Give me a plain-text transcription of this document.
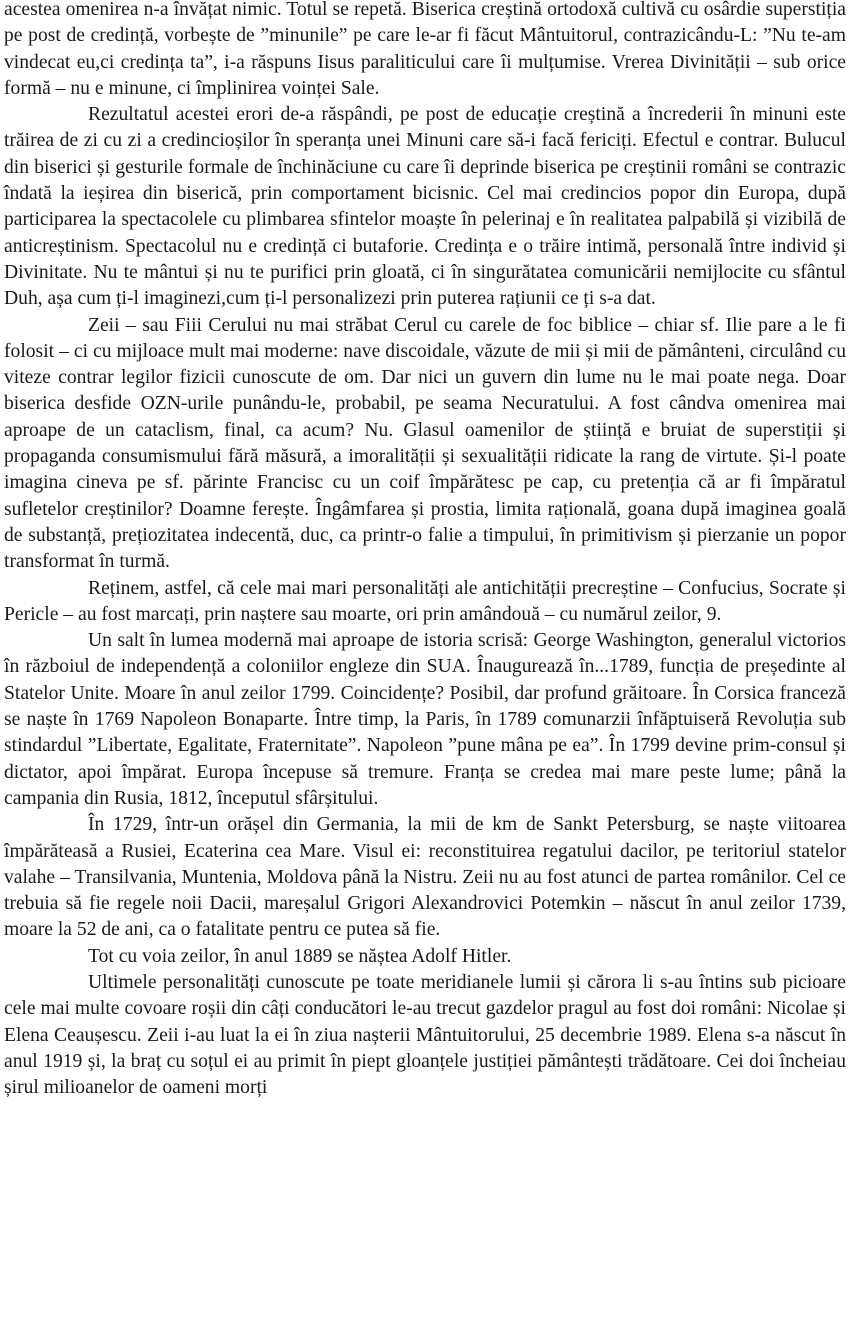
acestea omenirea n-a învățat nimic. Totul se repetă. Biserica creștină ortodoxă cultivă cu osârdie superstiția pe post de credință, vorbește de ”minunile” pe care le-ar fi făcut Mântuitorul, contrazicându-L: ”Nu te-am vindecat eu,ci credința ta”, i-a răspuns Iisus paraliticului care îi mulțumise. Vrerea Divinității – sub orice formă – nu e minune, ci împlinirea voinței Sale.

Rezultatul acestei erori de-a răspândi, pe post de educație creștină a încrederii în minuni este trăirea de zi cu zi a credincioșilor în speranța unei Minuni care să-i facă fericiți. Efectul e contrar. Bulucul din biserici și gesturile formale de închinăciune cu care îi deprinde biserica pe creștinii români se contrazic îndată la ieșirea din biserică, prin comportament bicisnic. Cel mai credincios popor din Europa, după participarea la spectacolele cu plimbarea sfintelor moaște în pelerinaj e în realitatea palpabilă și vizibilă de anticreștinism. Spectacolul nu e credință ci butaforie. Credința e o trăire intimă, personală între individ și Divinitate. Nu te mântui și nu te purifici prin gloată, ci în singurătatea comunicării nemijlocite cu sfântul Duh, așa cum ți-l imaginezi,cum ți-l personalizezi prin puterea rațiunii ce ți s-a dat.

Zeii – sau Fiii Cerului nu mai străbat Cerul cu carele de foc biblice – chiar sf. Ilie pare a le fi folosit – ci cu mijloace mult mai moderne: nave discoidale, văzute de mii și mii de pământeni, circulând cu viteze contrar legilor fizicii cunoscute de om. Dar nici un guvern din lume nu le mai poate nega. Doar biserica desfide OZN-urile punându-le, probabil, pe seama Necuratului. A fost cândva omenirea mai aproape de un cataclism, final, ca acum? Nu. Glasul oamenilor de știință e bruiat de superstiții și propaganda consumismului fără măsură, a imoralității și sexualității ridicate la rang de virtute. Și-l poate imagina cineva pe sf. părinte Francisc cu un coif împărătesc pe cap, cu pretenția că ar fi împăratul sufletelor creștinilor? Doamne ferește. Îngâmfarea și prostia, limita rațională, goana după imaginea goală de substanță, prețiozitatea indecentă, duc, ca printr-o falie a timpului, în primitivism și pierzanie un popor transformat în turmă.

Reținem, astfel, că cele mai mari personalități ale antichității precreștine – Confucius, Socrate și Pericle – au fost marcați, prin naștere sau moarte, ori prin amândouă – cu numărul zeilor, 9.

Un salt în lumea modernă mai aproape de istoria scrisă: George Washington, generalul victorios în războiul de independență a coloniilor engleze din SUA. Înaugurează în...1789, funcția de președinte al Statelor Unite. Moare în anul zeilor 1799. Coincidențe? Posibil, dar profund grăitoare. În Corsica franceză se naște în 1769 Napoleon Bonaparte. Între timp, la Paris, în 1789 comunarzii înfăptuiseră Revoluția sub stindardul ”Libertate, Egalitate, Fraternitate”. Napoleon ”pune mâna pe ea”. În 1799 devine prim-consul și dictator, apoi împărat. Europa începuse să tremure. Franța se credea mai mare peste lume; până la campania din Rusia, 1812, începutul sfârșitului.

În 1729, într-un orășel din Germania, la mii de km de Sankt Petersburg, se naște viitoarea împărăteasă a Rusiei, Ecaterina cea Mare. Visul ei: reconstituirea regatului dacilor, pe teritoriul statelor valahe – Transilvania, Muntenia, Moldova până la Nistru. Zeii nu au fost atunci de partea românilor. Cel ce trebuia să fie regele noii Dacii, mareșalul Grigori Alexandrovici Potemkin – născut în anul zeilor 1739, moare la 52 de ani, ca o fatalitate pentru ce putea să fie.

Tot cu voia zeilor, în anul 1889 se năștea Adolf Hitler.

Ultimele personalități cunoscute pe toate meridianele lumii și cărora li s-au întins sub picioare cele mai multe covoare roșii din câți conducători le-au trecut gazdelor pragul au fost doi români: Nicolae și Elena Ceaușescu. Zeii i-au luat la ei în ziua nașterii Mântuitorului, 25 decembrie 1989. Elena s-a născut în anul 1919 și, la braț cu soțul ei au primit în piept gloanțele justiției pământești trădătoare. Cei doi încheiau șirul milioanelor de oameni morți
